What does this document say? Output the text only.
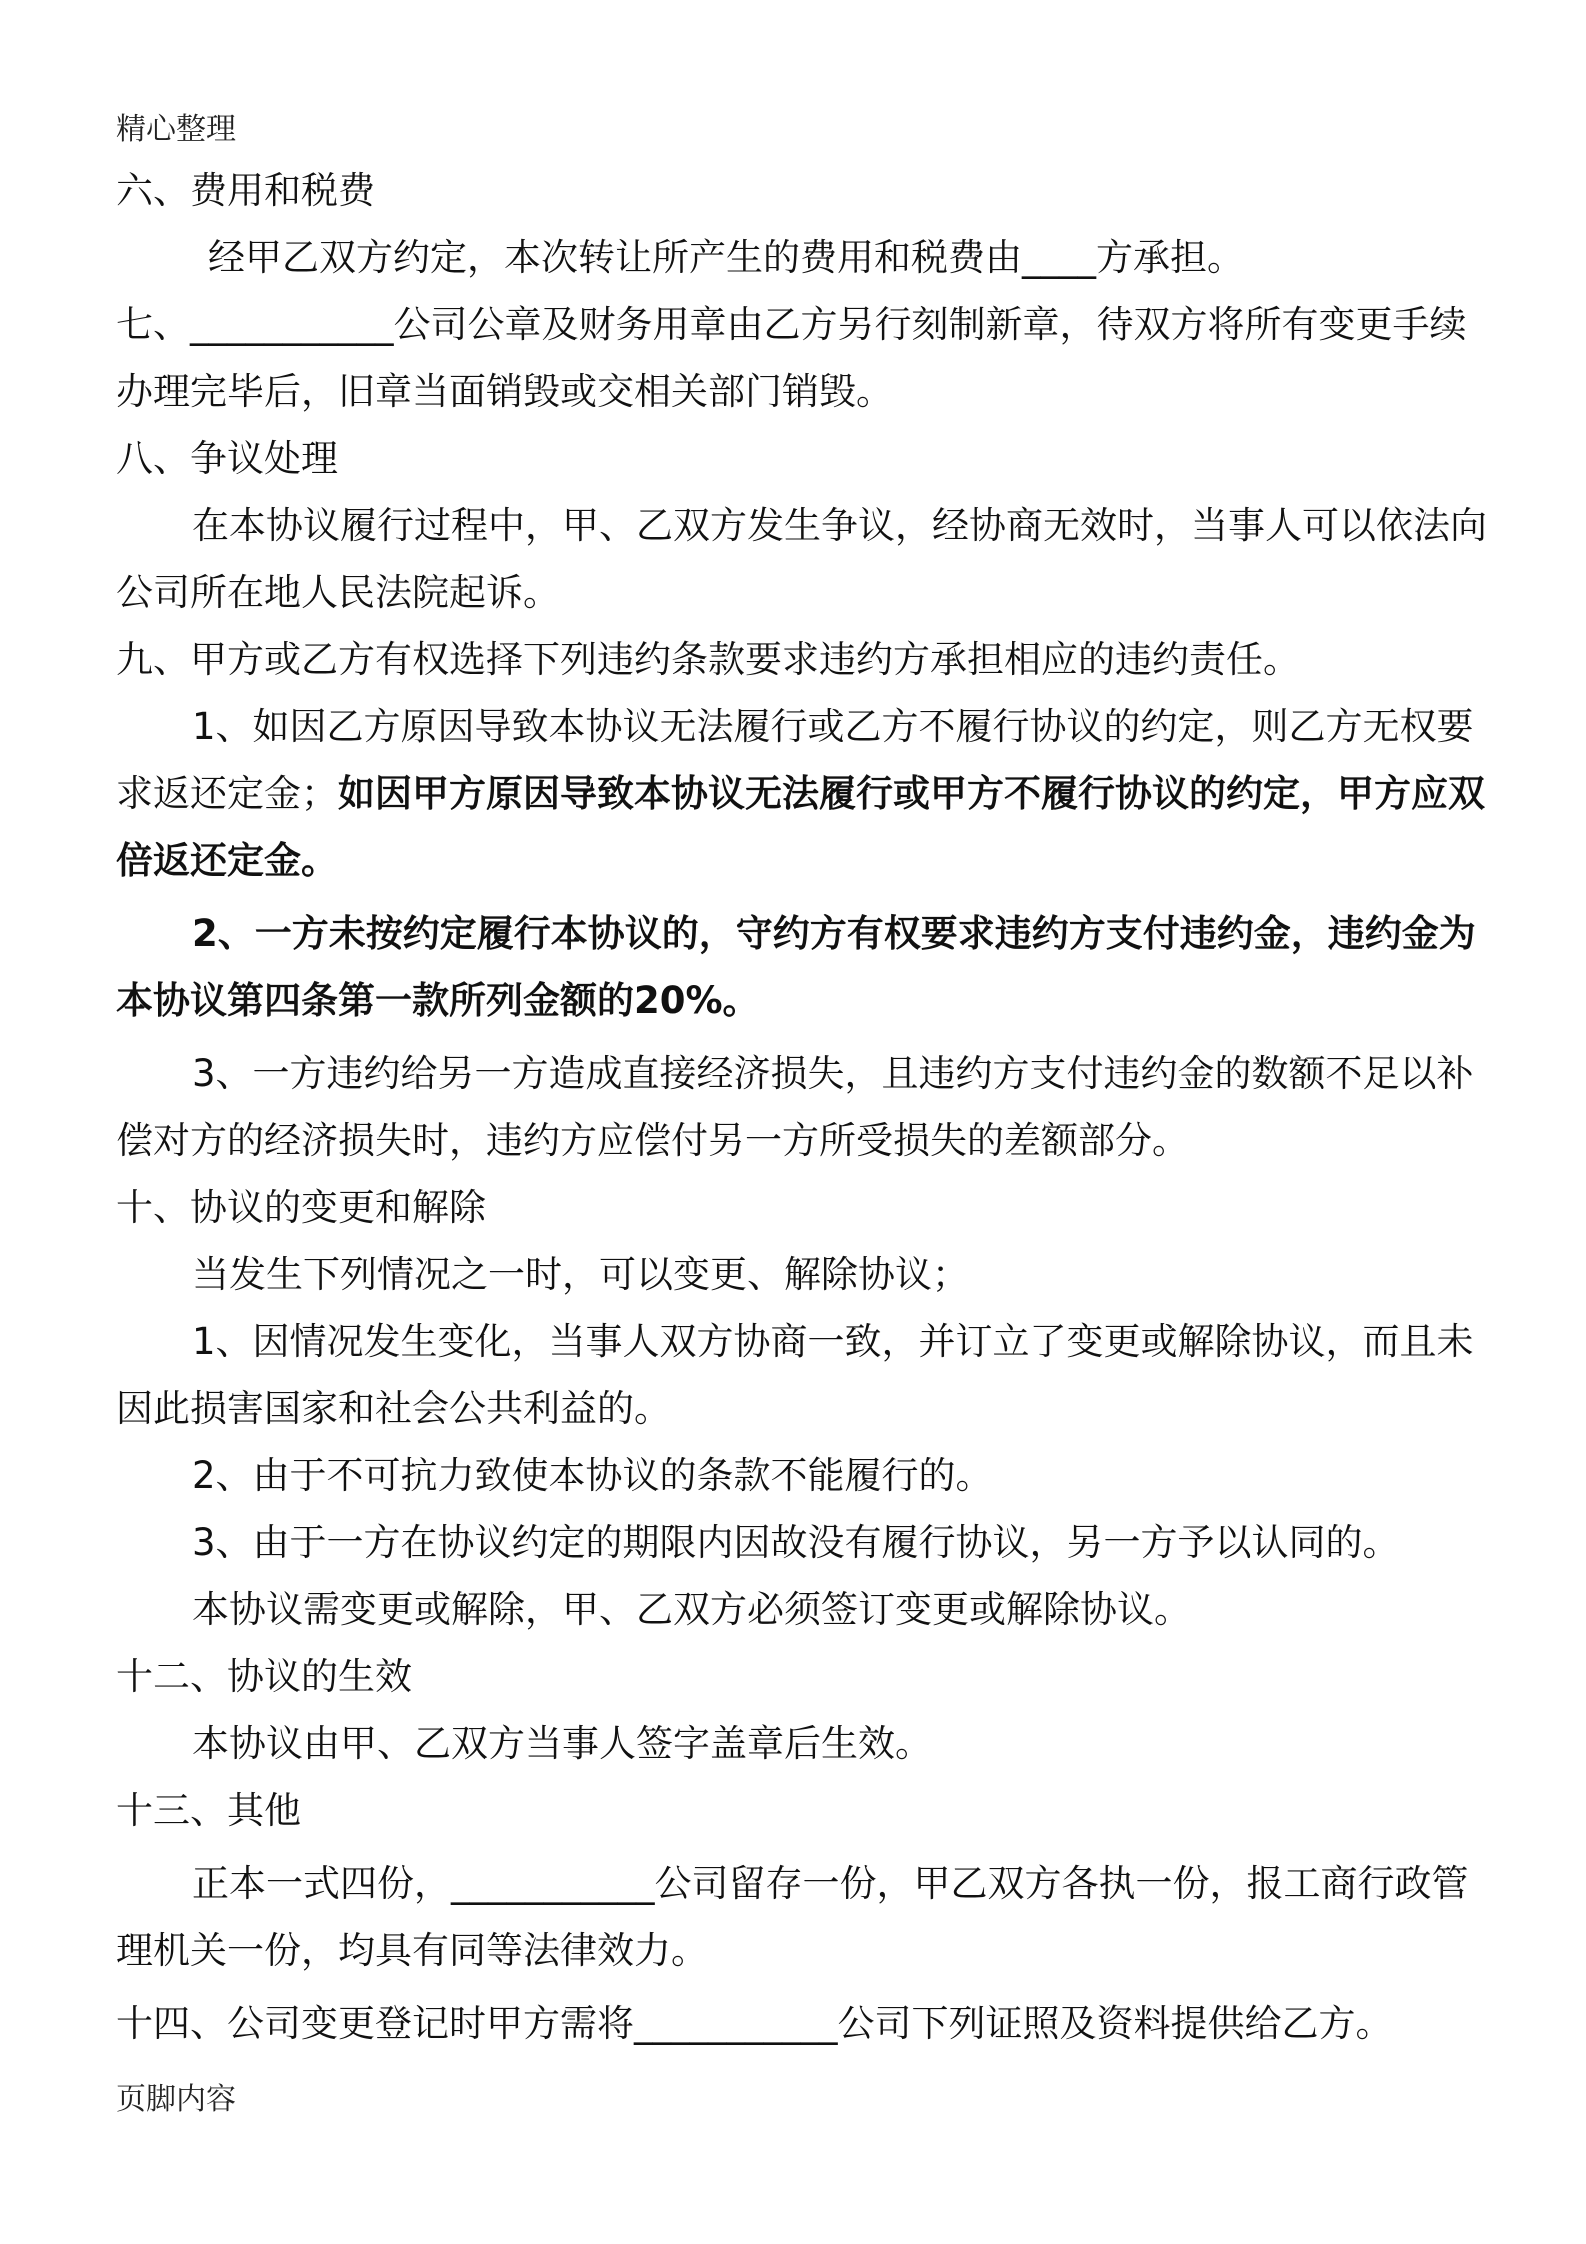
精心整理

六、费用和税费

经甲乙双方约定，本次转让所产生的费用和税费由____方承担。

七、___________公司公章及财务用章由乙方另行刻制新章，待双方将所有变更手续办理完毕后，旧章当面销毁或交相关部门销毁。

八、争议处理

在本协议履行过程中，甲、乙双方发生争议，经协商无效时，当事人可以依法向公司所在地人民法院起诉。

九、甲方或乙方有权选择下列违约条款要求违约方承担相应的违约责任。

1、如因乙方原因导致本协议无法履行或乙方不履行协议的约定，则乙方无权要求返还定金；如因甲方原因导致本协议无法履行或甲方不履行协议的约定，甲方应双倍返还定金。

2、一方未按约定履行本协议的，守约方有权要求违约方支付违约金，违约金为本协议第四条第一款所列金额的20%。

3、一方违约给另一方造成直接经济损失，且违约方支付违约金的数额不足以补偿对方的经济损失时，违约方应偿付另一方所受损失的差额部分。

十、协议的变更和解除

当发生下列情况之一时，可以变更、解除协议；

1、因情况发生变化，当事人双方协商一致，并订立了变更或解除协议，而且未因此损害国家和社会公共利益的。

2、由于不可抗力致使本协议的条款不能履行的。

3、由于一方在协议约定的期限内因故没有履行协议，另一方予以认同的。

本协议需变更或解除，甲、乙双方必须签订变更或解除协议。

十二、协议的生效

本协议由甲、乙双方当事人签字盖章后生效。

十三、其他

正本一式四份，___________公司留存一份，甲乙双方各执一份，报工商行政管理机关一份，均具有同等法律效力。

十四、公司变更登记时甲方需将___________公司下列证照及资料提供给乙方。

页脚内容
